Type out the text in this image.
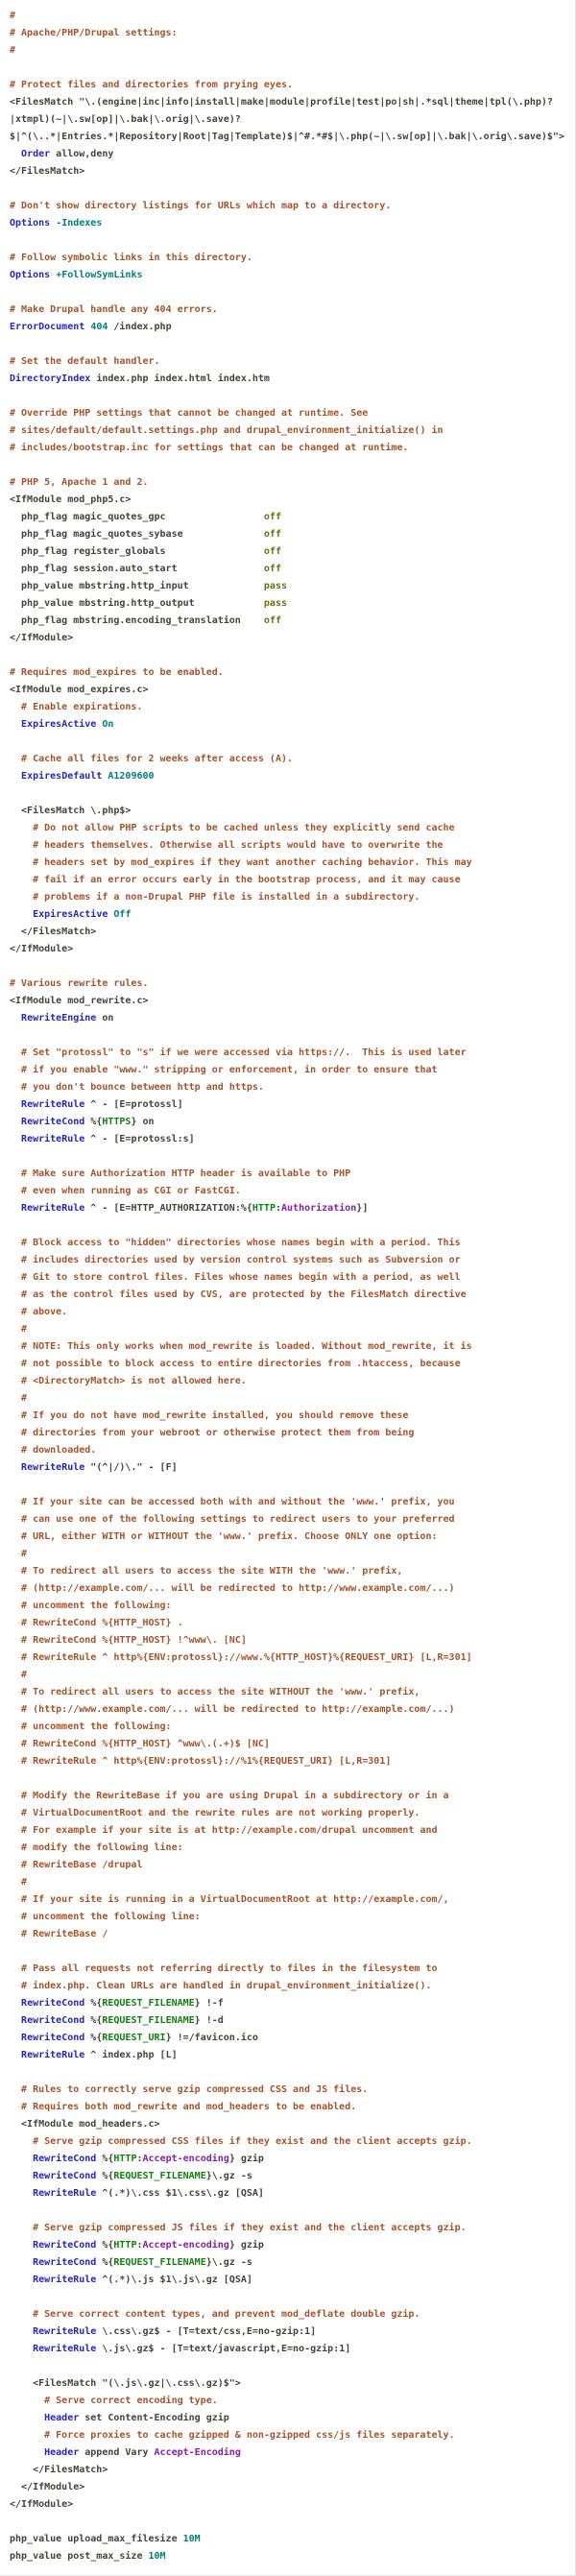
#
# Apache/PHP/Drupal settings:
#
# Protect files and directories from prying eyes.
<FilesMatch "\.(engine|inc|info|install|make|module|profile|test|po|sh|.*sql|theme|tpl(\.php)?
|xtmpl)(~|\.sw[op]|\.bak|\.orig|\.save)?
$|^(\..*|Entries.*|Repository|Root|Tag|Template)$|^#.*#$|\.php(~|\.sw[op]|\.bak|\.orig\.save)$">
Order allow,deny
</FilesMatch>
# Don't show directory listings for URLs which map to a directory.
Options -Indexes
# Follow symbolic links in this directory.
Options +FollowSymLinks
# Make Drupal handle any 404 errors.
ErrorDocument 404 /index.php
# Set the default handler.
DirectoryIndex index.php index.html index.htm
# Override PHP settings that cannot be changed at runtime. See
# sites/default/default.settings.php and drupal_environment_initialize() in
# includes/bootstrap.inc for settings that can be changed at runtime.
# PHP 5, Apache 1 and 2.
<IfModule mod_php5.c>
php_flag magic_quotes_gpc                 off
php_flag magic_quotes_sybase              off
php_flag register_globals                 off
php_flag session.auto_start               off
php_value mbstring.http_input             pass
php_value mbstring.http_output            pass
php_flag mbstring.encoding_translation    off
</IfModule>
# Requires mod_expires to be enabled.
<IfModule mod_expires.c>
# Enable expirations.
ExpiresActive On
# Cache all files for 2 weeks after access (A).
ExpiresDefault A1209600
<FilesMatch \.php$>
# Do not allow PHP scripts to be cached unless they explicitly send cache
# headers themselves. Otherwise all scripts would have to overwrite the
# headers set by mod_expires if they want another caching behavior. This may
# fail if an error occurs early in the bootstrap process, and it may cause
# problems if a non-Drupal PHP file is installed in a subdirectory.
ExpiresActive Off
</FilesMatch>
</IfModule>
# Various rewrite rules.
<IfModule mod_rewrite.c>
RewriteEngine on
# Set "protossl" to "s" if we were accessed via https://.  This is used later
# if you enable "www." stripping or enforcement, in order to ensure that
# you don't bounce between http and https.
RewriteRule ^ - [E=protossl]
RewriteCond %{HTTPS} on
RewriteRule ^ - [E=protossl:s]
# Make sure Authorization HTTP header is available to PHP
# even when running as CGI or FastCGI.
RewriteRule ^ - [E=HTTP_AUTHORIZATION:%{HTTP:Authorization}]
# Block access to "hidden" directories whose names begin with a period. This
# includes directories used by version control systems such as Subversion or
# Git to store control files. Files whose names begin with a period, as well
# as the control files used by CVS, are protected by the FilesMatch directive
# above.
#
# NOTE: This only works when mod_rewrite is loaded. Without mod_rewrite, it is
# not possible to block access to entire directories from .htaccess, because
# <DirectoryMatch> is not allowed here.
#
# If you do not have mod_rewrite installed, you should remove these
# directories from your webroot or otherwise protect them from being
# downloaded.
RewriteRule "(^|/)\." - [F]
# If your site can be accessed both with and without the 'www.' prefix, you
# can use one of the following settings to redirect users to your preferred
# URL, either WITH or WITHOUT the 'www.' prefix. Choose ONLY one option:
#
# To redirect all users to access the site WITH the 'www.' prefix,
# (http://example.com/... will be redirected to http://www.example.com/...)
# uncomment the following:
# RewriteCond %{HTTP_HOST} .
# RewriteCond %{HTTP_HOST} !^www\. [NC]
# RewriteRule ^ http%{ENV:protossl}://www.%{HTTP_HOST}%{REQUEST_URI} [L,R=301]
#
# To redirect all users to access the site WITHOUT the 'www.' prefix,
# (http://www.example.com/... will be redirected to http://example.com/...)
# uncomment the following:
# RewriteCond %{HTTP_HOST} ^www\.(.+)$ [NC]
# RewriteRule ^ http%{ENV:protossl}://%1%{REQUEST_URI} [L,R=301]
# Modify the RewriteBase if you are using Drupal in a subdirectory or in a
# VirtualDocumentRoot and the rewrite rules are not working properly.
# For example if your site is at http://example.com/drupal uncomment and
# modify the following line:
# RewriteBase /drupal
#
# If your site is running in a VirtualDocumentRoot at http://example.com/,
# uncomment the following line:
# RewriteBase /
# Pass all requests not referring directly to files in the filesystem to
# index.php. Clean URLs are handled in drupal_environment_initialize().
RewriteCond %{REQUEST_FILENAME} !-f
RewriteCond %{REQUEST_FILENAME} !-d
RewriteCond %{REQUEST_URI} !=/favicon.ico
RewriteRule ^ index.php [L]
# Rules to correctly serve gzip compressed CSS and JS files.
# Requires both mod_rewrite and mod_headers to be enabled.
<IfModule mod_headers.c>
# Serve gzip compressed CSS files if they exist and the client accepts gzip.
RewriteCond %{HTTP:Accept-encoding} gzip
RewriteCond %{REQUEST_FILENAME}\.gz -s
RewriteRule ^(.*)\.css $1\.css\.gz [QSA]
# Serve gzip compressed JS files if they exist and the client accepts gzip.
RewriteCond %{HTTP:Accept-encoding} gzip
RewriteCond %{REQUEST_FILENAME}\.gz -s
RewriteRule ^(.*)\.js $1\.js\.gz [QSA]
# Serve correct content types, and prevent mod_deflate double gzip.
RewriteRule \.css\.gz$ - [T=text/css,E=no-gzip:1]
RewriteRule \.js\.gz$ - [T=text/javascript,E=no-gzip:1]
<FilesMatch "(\.js\.gz|\.css\.gz)$">
# Serve correct encoding type.
Header set Content-Encoding gzip
# Force proxies to cache gzipped & non-gzipped css/js files separately.
Header append Vary Accept-Encoding
</FilesMatch>
</IfModule>
</IfModule>
php_value upload_max_filesize 10M
php_value post_max_size 10M
